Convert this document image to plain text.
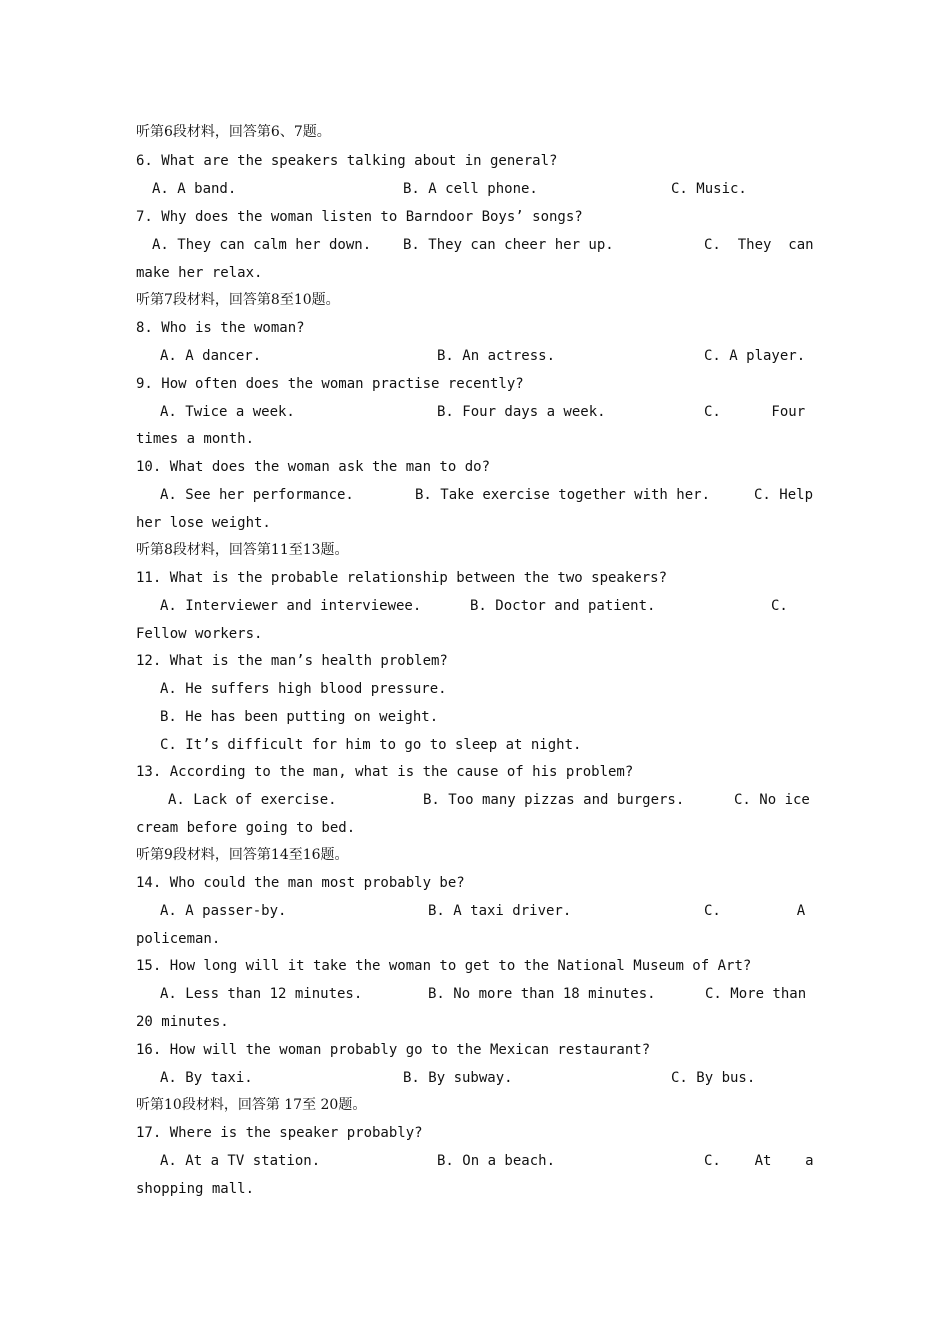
听第6段材料，回答第6、7题。
6. What are the speakers talking about in general?

A. A band.

	B. A cell phone.

	C. Music.

7. Why does the woman listen to Barndoor Boys’ songs?

A. They can calm her down.

B. They can cheer her up.

	C.  They  can

make her relax.
听第7段材料，回答第8至10题。
8. Who is the woman?

A. A dancer.

	B. An actress.

	C. A player.

9. How often does the woman practise recently?

A. Twice a week.

	B. Four days a week.

	C.      Four

times a month.
10. What does the woman ask the man to do?

A. See her performance.

	B. Take exercise together with her.

	C. Help

her lose weight.
听第8段材料，回答第11至13题。
11. What is the probable relationship between the two speakers?

A. Interviewer and interviewee.

	B. Doctor and patient.

	C.

Fellow workers.
12. What is the man’s health problem?

A. He suffers high blood pressure.

B. He has been putting on weight.

C. It’s difficult for him to go to sleep at night.

13. According to the man, what is the cause of his problem?

A. Lack of exercise.

	B. Too many pizzas and burgers.

	C. No ice

cream before going to bed.
听第9段材料，回答第14至16题。
14. Who could the man most probably be?

A. A passer-by.

	B. A taxi driver.

	C.         A

policeman.
15. How long will it take the woman to get to the National Museum of Art?

A. Less than 12 minutes.

	B. No more than 18 minutes.

	C. More than

20 minutes.
16. How will the woman probably go to the Mexican restaurant?

A. By taxi.

	B. By subway.

	C. By bus.

听第10段材料，回答第 17至 20题。
17. Where is the speaker probably?

A. At a TV station.

	B. On a beach.

	C.    At    a

shopping mall.
